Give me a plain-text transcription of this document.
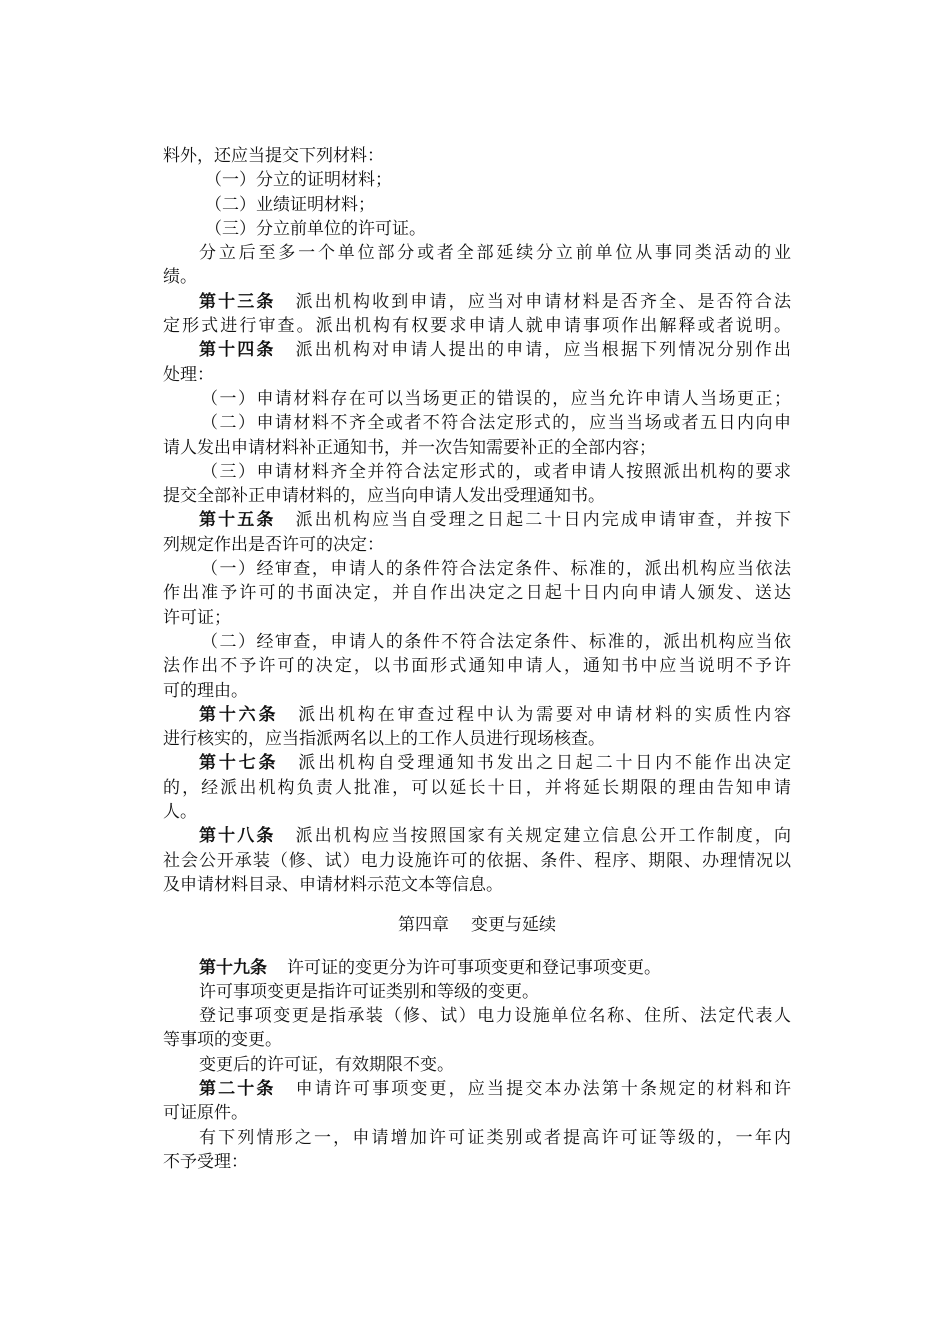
料外，还应当提交下列材料：
（一）分立的证明材料；
（二）业绩证明材料；
（三）分立前单位的许可证。
分立后至多一个单位部分或者全部延续分立前单位从事同类活动的业
绩。
第十三条 派出机构收到申请，应当对申请材料是否齐全、是否符合法
定形式进行审查。派出机构有权要求申请人就申请事项作出解释或者说明。
第十四条 派出机构对申请人提出的申请，应当根据下列情况分别作出
处理：
（一）申请材料存在可以当场更正的错误的，应当允许申请人当场更正；
（二）申请材料不齐全或者不符合法定形式的，应当当场或者五日内向申
请人发出申请材料补正通知书，并一次告知需要补正的全部内容；
（三）申请材料齐全并符合法定形式的，或者申请人按照派出机构的要求
提交全部补正申请材料的，应当向申请人发出受理通知书。
第十五条 派出机构应当自受理之日起二十日内完成申请审查，并按下
列规定作出是否许可的决定：
（一）经审查，申请人的条件符合法定条件、标准的，派出机构应当依法
作出准予许可的书面决定，并自作出决定之日起十日内向申请人颁发、送达
许可证；
（二）经审查，申请人的条件不符合法定条件、标准的，派出机构应当依
法作出不予许可的决定，以书面形式通知申请人，通知书中应当说明不予许
可的理由。
第十六条 派出机构在审查过程中认为需要对申请材料的实质性内容
进行核实的，应当指派两名以上的工作人员进行现场核查。
第十七条 派出机构自受理通知书发出之日起二十日内不能作出决定
的，经派出机构负责人批准，可以延长十日，并将延长期限的理由告知申请
人。
第十八条 派出机构应当按照国家有关规定建立信息公开工作制度，向
社会公开承装（修、试）电力设施许可的依据、条件、程序、期限、办理情况以
及申请材料目录、申请材料示范文本等信息。
第四章 变更与延续
第十九条 许可证的变更分为许可事项变更和登记事项变更。
许可事项变更是指许可证类别和等级的变更。
登记事项变更是指承装（修、试）电力设施单位名称、住所、法定代表人
等事项的变更。
变更后的许可证，有效期限不变。
第二十条 申请许可事项变更，应当提交本办法第十条规定的材料和许
可证原件。
有下列情形之一，申请增加许可证类别或者提高许可证等级的，一年内
不予受理：
